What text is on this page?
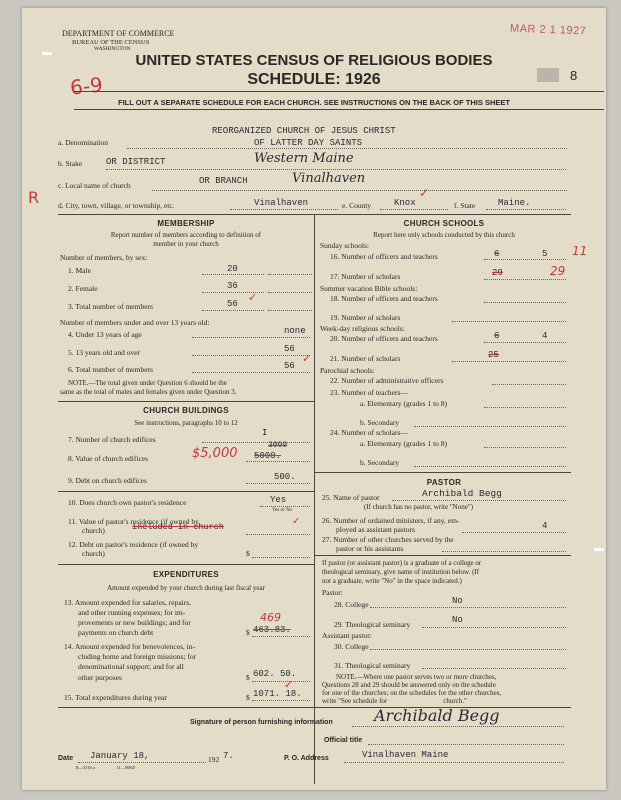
DEPARTMENT OF COMMERCE
BUREAU OF THE CENSUS
WASHINGTON
MAR 2 1 1927
UNITED STATES CENSUS OF RELIGIOUS BODIES
SCHEDULE: 1926
6-9	8
FILL OUT A SEPARATE SCHEDULE FOR EACH CHURCH. SEE INSTRUCTIONS ON THE BACK OF THIS SHEET
R
a. Denomination
REORGANIZED CHURCH OF JESUS CHRIST
OF LATTER DAY SAINTS
b. Stake	OR DISTRICT	Western Maine
c. Local name of church	OR BRANCH	Vinalhaven
d. City, town, village, or township, etc.	Vinalhaven	e. County	Knox
✓
f. State	Maine.
MEMBERSHIP
Report number of members according to definition of
member in your church
Number of members, by sex:
1. Male	20
2. Female	36
3. Total number of members	56 ✓
Number of members under and over 13 years old:
4. Under 13 years of age	none
5. 13 years old and over	56
6. Total number of members	56
✓
NOTE.—The total given under Question 6 should be the
same as the total of males and females given under Question 3.
CHURCH BUILDINGS
See instructions, paragraphs 10 to 12
7. Number of church edifices
I
8. Value of church edifices
3000
5000.
$5,000
9. Debt on church edifices	500.
10. Does church own pastor's residence	Yes
Yes or No
11. Value of pastor's residence (if owned by
church)	included in church	✓
12. Debt on pastor's residence (if owned by
church)	$
EXPENDITURES
Amount expended by your church during last fiscal year
13. Amount expended for salaries, repairs,
and other running expenses; for im-
provements or new buildings; and for
payments on church debt
469
$ 463.83.
14. Amount expended for benevolences, in-
cluding home and foreign missions; for
denominational support; and for all
other purposes	$ 602. 50.
15. Total expenditures during year	$ 1071. 18.
✓
CHURCH SCHOOLS
Report here only schools conducted by this church
Sunday schools:
16. Number of officers and teachers	6	5 11
17. Number of scholars	29	29
Summer vacation Bible schools:
18. Number of officers and teachers
19. Number of scholars
Week-day religious schools:
20. Number of officers and teachers	6	4
21. Number of scholars	25
Parochial schools:
22. Number of administrative officers
23. Number of teachers—
a. Elementary (grades 1 to 8)
b. Secondary
24. Number of scholars—
a. Elementary (grades 1 to 8)
b. Secondary
PASTOR
25. Name of pastor	Archibald Begg
(If church has no pastor, write "None")
26. Number of ordained ministers, if any, em-
ployed as assistant pastors	4
27. Number of other churches served by the
pastor or his assistants
If pastor (or assistant pastor) is a graduate of a college or
theological seminary, give name of institution below. (If
not a graduate, write "No" in the space indicated.)
Pastor:
28. College	No
29. Theological seminary	No
Assistant pastor:
30. College
31. Theological seminary
NOTE.—Where one pastor serves two or more churches,
Questions 28 and 29 should be answered only on the schedule
for one of the churches; on the schedules for the other churches,
write "See schedule for                                church."
Signature of person furnishing information	Archibald Begg
Official title
Date January 18,	192 7.	P. O. Address	Vinalhaven Maine
8—5316 a	11—9084!
